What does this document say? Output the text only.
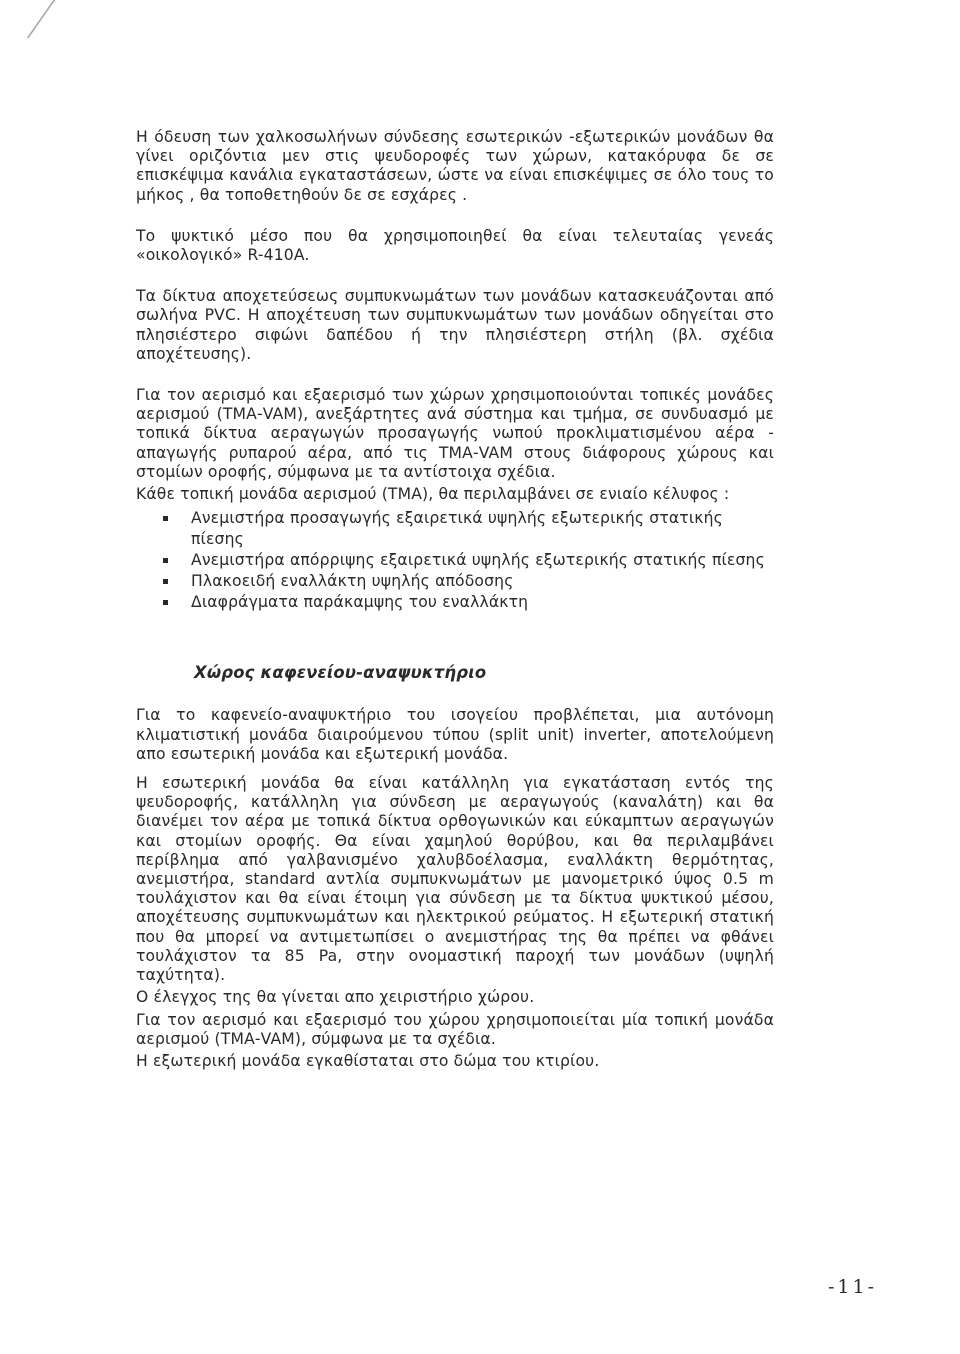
Η όδευση των χαλκοσωλήνων σύνδεσης εσωτερικών -εξωτερικών μονάδων θα γίνει οριζόντια μεν στις ψευδοροφές των χώρων, κατακόρυφα δε σε επισκέψιμα κανάλια εγκαταστάσεων, ώστε να είναι επισκέψιμες σε όλο τους το μήκος , θα τοποθετηθούν δε σε εσχάρες .

Το ψυκτικό μέσο που θα χρησιμοποιηθεί θα είναι τελευταίας γενεάς «οικολογικό» R-410A.

Τα δίκτυα αποχετεύσεως συμπυκνωμάτων των μονάδων κατασκευάζονται από σωλήνα PVC. Η αποχέτευση των συμπυκνωμάτων των μονάδων οδηγείται στο πλησιέστερο σιφώνι δαπέδου ή την πλησιέστερη στήλη (βλ. σχέδια αποχέτευσης).

Για τον αερισμό και εξαερισμό των χώρων χρησιμοποιούνται τοπικές μονάδες αερισμού (ΤΜΑ-VAM), ανεξάρτητες ανά σύστημα και τμήμα, σε συνδυασμό με τοπικά δίκτυα αεραγωγών προσαγωγής νωπού προκλιματισμένου αέρα - απαγωγής ρυπαρού αέρα, από τις ΤΜΑ-VAM στους διάφορους χώρους και στομίων οροφής, σύμφωνα με τα αντίστοιχα σχέδια.

Κάθε τοπική μονάδα αερισμού (ΤΜΑ), θα περιλαμβάνει σε ενιαίο κέλυφος :

Ανεμιστήρα προσαγωγής εξαιρετικά υψηλής εξωτερικής στατικής πίεσης
Ανεμιστήρα απόρριψης εξαιρετικά υψηλής εξωτερικής στατικής πίεσης
Πλακοειδή εναλλάκτη υψηλής απόδοσης
Διαφράγματα παράκαμψης του εναλλάκτη
Χώρος καφενείου-αναψυκτήριο

Για το καφενείο-αναψυκτήριο του ισογείου προβλέπεται, μια αυτόνομη κλιματιστική μονάδα διαιρούμενου τύπου (split unit) inverter, αποτελούμενη απο εσωτερική μονάδα και εξωτερική μονάδα.

Η εσωτερική μονάδα θα είναι κατάλληλη για εγκατάσταση εντός της ψευδοροφής, κατάλληλη για σύνδεση με αεραγωγούς (καναλάτη) και θα διανέμει τον αέρα με τοπικά δίκτυα ορθογωνικών και εύκαμπτων αεραγωγών και στομίων οροφής. Θα είναι χαμηλού θορύβου, και θα περιλαμβάνει περίβλημα από γαλβανισμένο χαλυβδοέλασμα, εναλλάκτη θερμότητας, ανεμιστήρα, standard αντλία συμπυκνωμάτων με μανομετρικό ύψος 0.5 m τουλάχιστον και θα είναι έτοιμη για σύνδεση με τα δίκτυα ψυκτικού μέσου, αποχέτευσης συμπυκνωμάτων και ηλεκτρικού ρεύματος. Η εξωτερική στατική που θα μπορεί να αντιμετωπίσει ο ανεμιστήρας της θα πρέπει να φθάνει τουλάχιστον τα 85 Pa, στην ονομαστική παροχή των μονάδων (υψηλή ταχύτητα).

Ο έλεγχος της θα γίνεται απο χειριστήριο χώρου.

Για τον αερισμό και εξαερισμό του χώρου χρησιμοποιείται μία τοπική μονάδα αερισμού (ΤΜΑ-VAM), σύμφωνα με τα σχέδια.

Η εξωτερική μονάδα εγκαθίσταται στο δώμα του κτιρίου.

-11-
